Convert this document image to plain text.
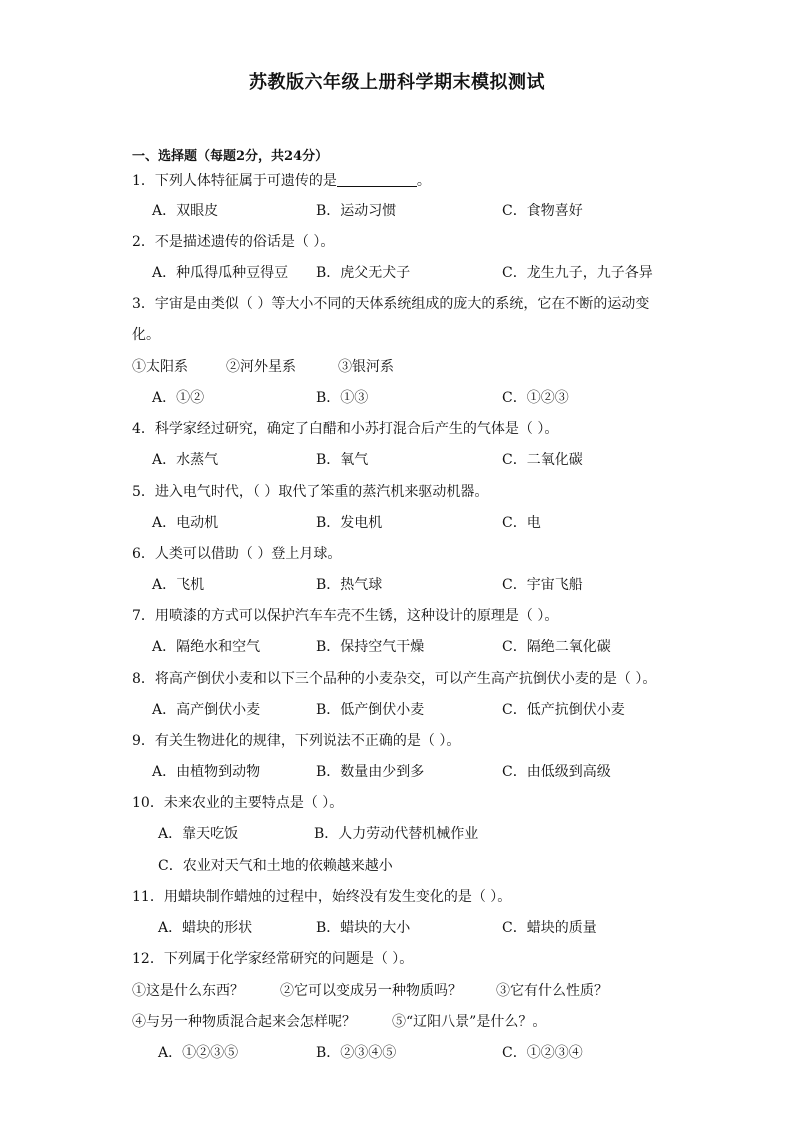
苏教版六年级上册科学期末模拟测试
一、选择题（每题2分，共24分）
1．下列人体特征属于可遗传的是	。
A．双眼皮	B．运动习惯	C．食物喜好
2．不是描述遗传的俗话是（ ）。
A．种瓜得瓜种豆得豆 B．虎父无犬子	C．龙生九子，九子各异
3．宇宙是由类似（ ）等大小不同的天体系统组成的庞大的系统，它在不断的运动变
化。
①太阳系	②河外星系	③银河系
A．①②	B．①③	C．①②③
4．科学家经过研究，确定了白醋和小苏打混合后产生的气体是（ ）。
A．水蒸气	B．氧气	C．二氧化碳
5．进入电气时代，（ ）取代了笨重的蒸汽机来驱动机器。
A．电动机	B．发电机	C．电
6．人类可以借助（ ）登上月球。
A．飞机	B．热气球	C．宇宙飞船
7．用喷漆的方式可以保护汽车车壳不生锈，这种设计的原理是（ ）。
A．隔绝水和空气	B．保持空气干燥	C．隔绝二氧化碳
8．将高产倒伏小麦和以下三个品种的小麦杂交，可以产生高产抗倒伏小麦的是（ ）。
A．高产倒伏小麦	B．低产倒伏小麦	C．低产抗倒伏小麦
9．有关生物进化的规律，下列说法不正确的是（ ）。
A．由植物到动物	B．数量由少到多	C．由低级到高级
10．未来农业的主要特点是（ ）。
A．靠天吃饭	B．人力劳动代替机械作业
C．农业对天气和土地的依赖越来越小
11．用蜡块制作蜡烛的过程中，始终没有发生变化的是（ ）。
A．蜡块的形状	B．蜡块的大小	C．蜡块的质量
12．下列属于化学家经常研究的问题是（ ）。
①这是什么东西？	②它可以变成另一种物质吗？ ③它有什么性质？
④与另一种物质混合起来会怎样呢？	⑤“辽阳八景”是什么？。
A．①②③⑤	B．②③④⑤	C．①②③④
